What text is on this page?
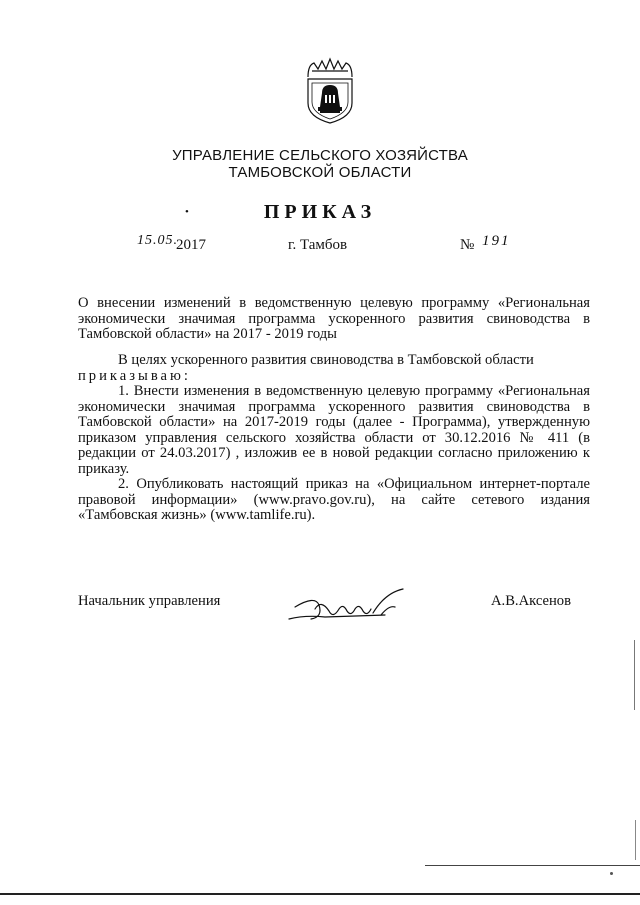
УПРАВЛЕНИЕ СЕЛЬСКОГО ХОЗЯЙСТВА
ТАМБОВСКОЙ ОБЛАСТИ
•	ПРИКАЗ
15.05.
2017	г. Тамбов	№ 191
О внесении изменений в ведомственную целевую программу «Региональная экономически значимая программа ускоренного развития свиноводства в Тамбовской области» на 2017 - 2019 годы

В целях ускоренного развития свиноводства в Тамбовской области

приказываю:

1. Внести изменения в ведомственную целевую программу «Региональная экономически значимая программа ускоренного развития свиноводства в Тамбовской области» на 2017-2019 годы (далее - Программа), утвержденную приказом управления сельского хозяйства области от 30.12.2016 № 411 (в редакции от 24.03.2017) , изложив ее в новой редакции согласно приложению к приказу.

2. Опубликовать настоящий приказ на «Официальном интернет-портале правовой информации» (www.pravo.gov.ru), на сайте сетевого издания «Тамбовская жизнь» (www.tamlife.ru).

Начальник управления	А.В.Аксенов
